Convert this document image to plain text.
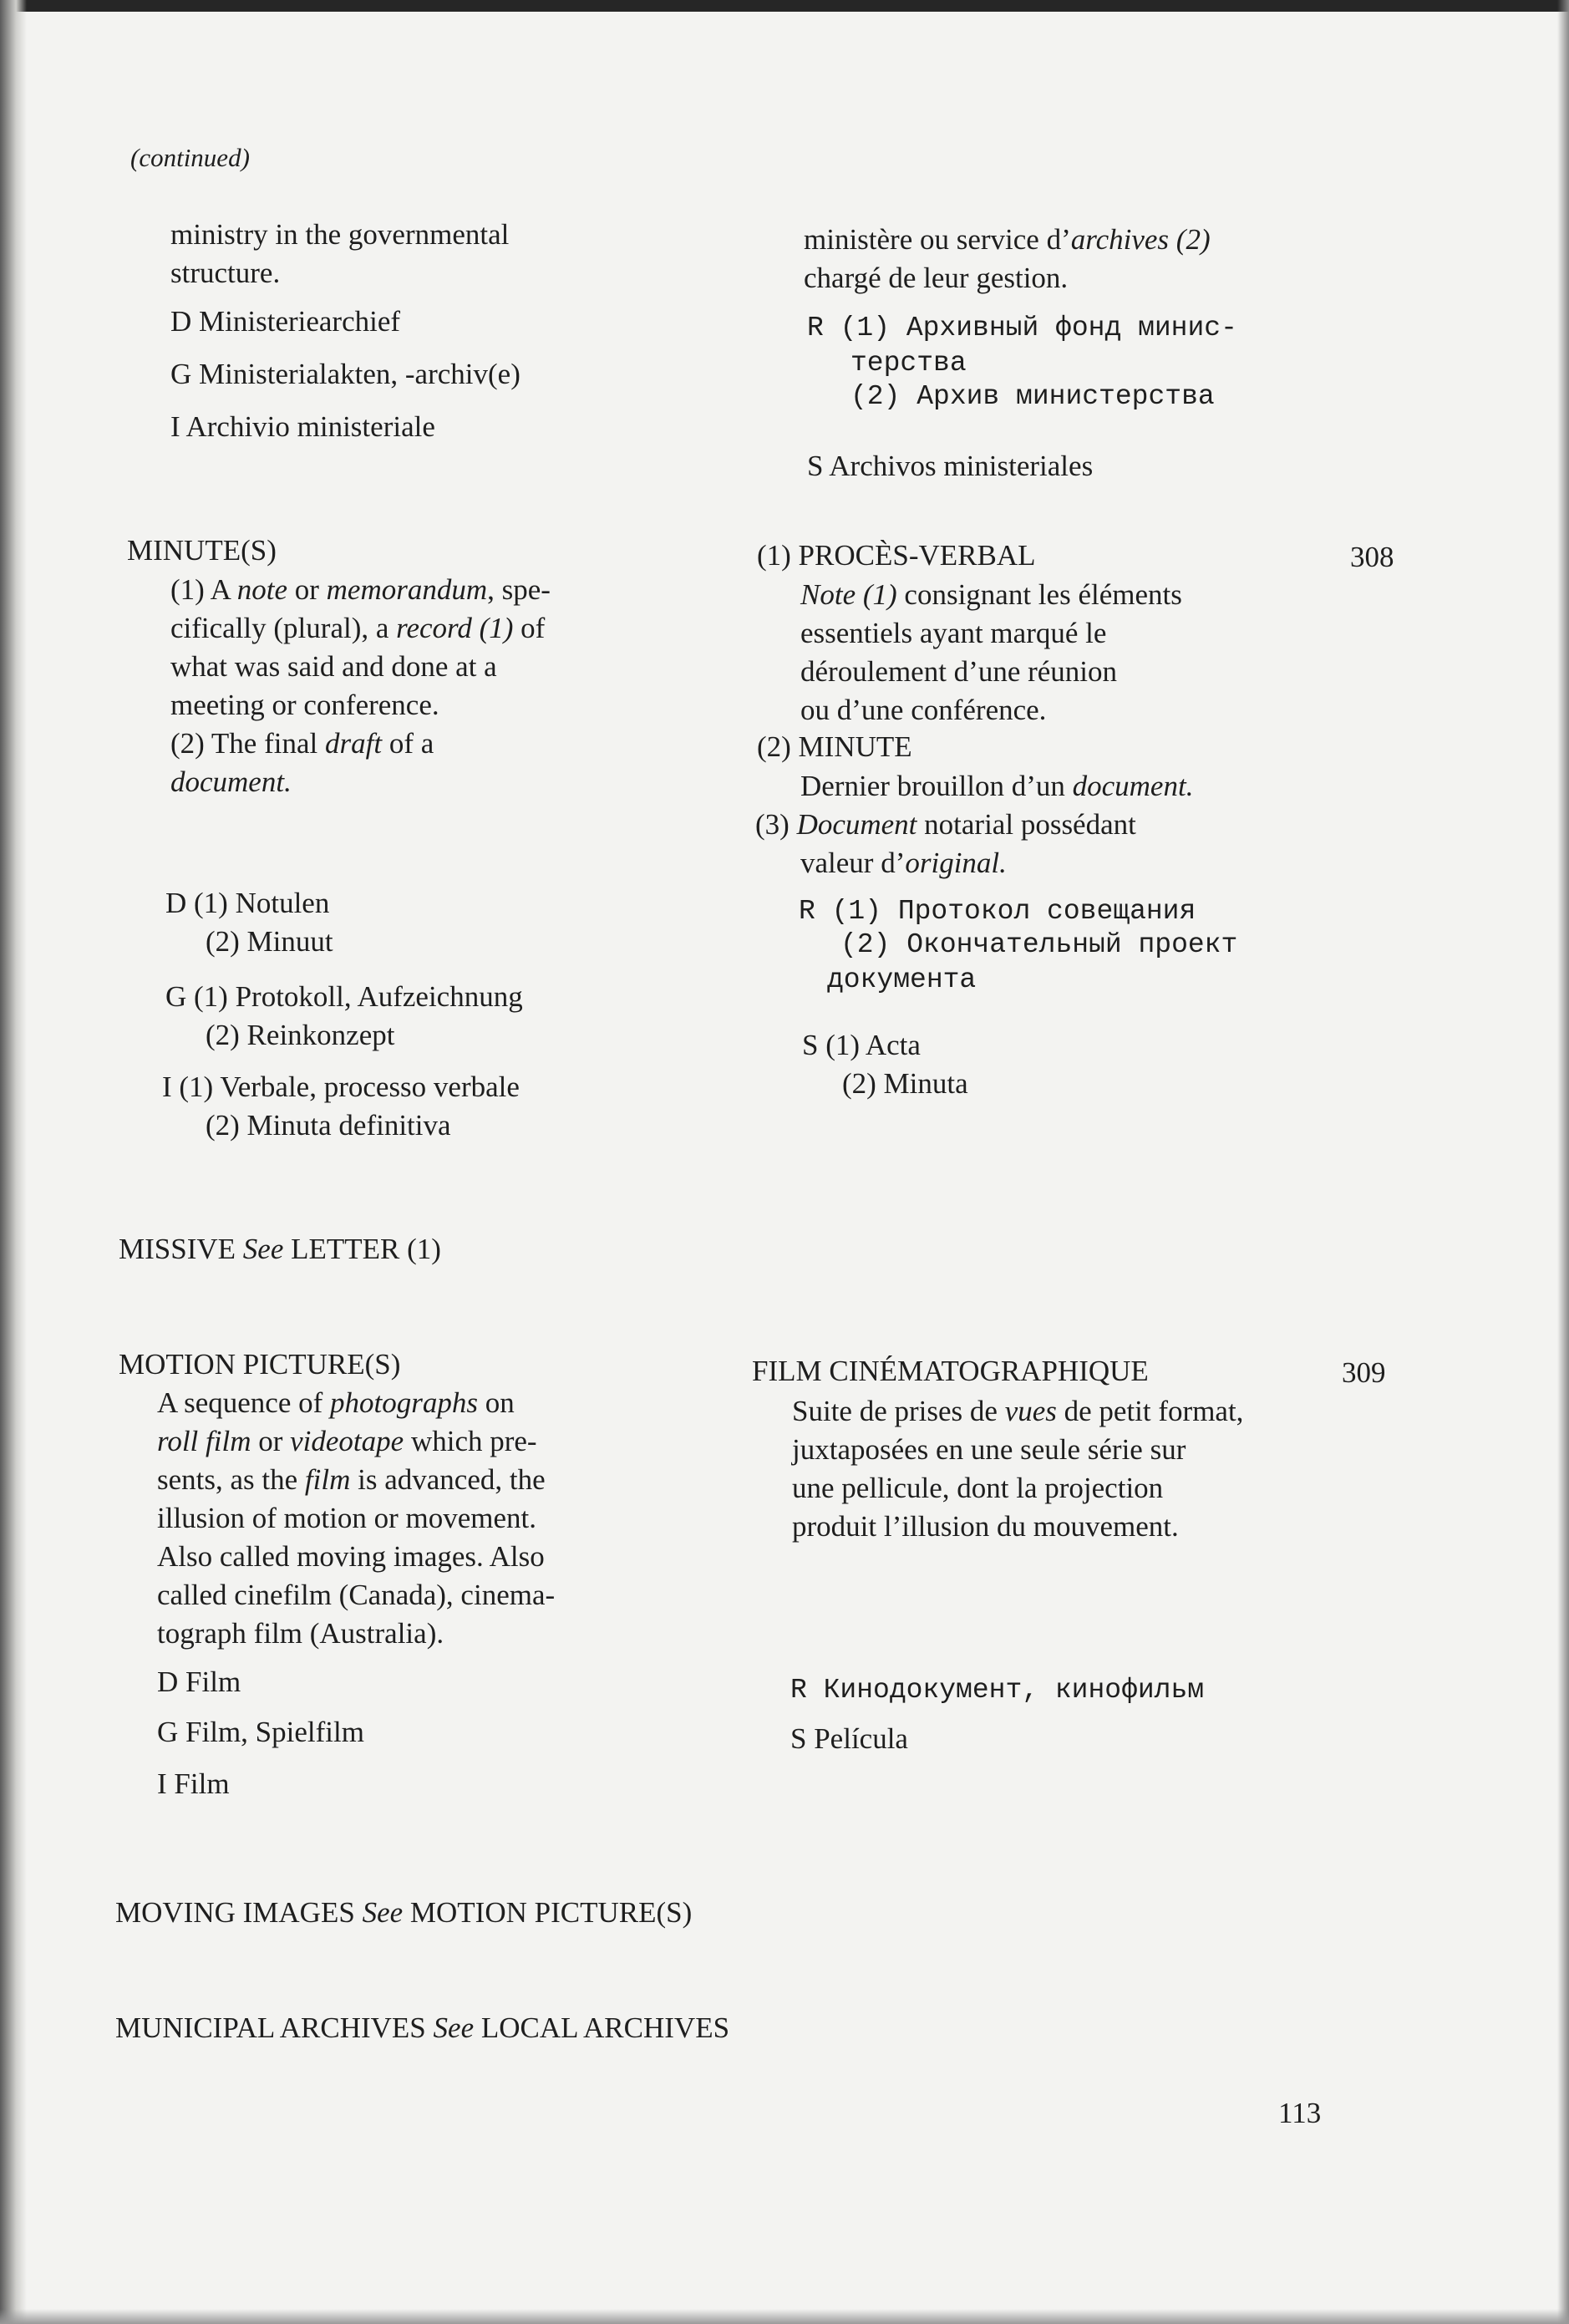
(continued)
ministry in the governmental
structure.
D Ministeriearchief
G Ministerialakten, -archiv(e)
I Archivio ministeriale
MINUTE(S)
(1) A note or memorandum, spe-
cifically (plural), a record (1) of
what was said and done at a
meeting or conference.
(2) The final draft of a
document.
D (1) Notulen
(2) Minuut
G (1) Protokoll, Aufzeichnung
(2) Reinkonzept
I (1) Verbale, processo verbale
(2) Minuta definitiva
MISSIVE See LETTER (1)
MOTION PICTURE(S)
A sequence of photographs on
roll film or videotape which pre-
sents, as the film is advanced, the
illusion of motion or movement.
Also called moving images. Also
called cinefilm (Canada), cinema-
tograph film (Australia).
D Film
G Film, Spielfilm
I Film
MOVING IMAGES See MOTION PICTURE(S)
MUNICIPAL ARCHIVES See LOCAL ARCHIVES
ministère ou service d’archives (2)
chargé de leur gestion.
R (1) Архивный фонд минис-
терства
(2) Архив министерства
S Archivos ministeriales
(1) PROCÈS-VERBAL	308
Note (1) consignant les éléments
essentiels ayant marqué le
déroulement d’une réunion
ou d’une conférence.
(2) MINUTE
Dernier brouillon d’un document.
(3) Document notarial possédant
valeur d’original.
R (1) Протокол совещания
(2) Окончательный проект
документа
S (1) Acta
(2) Minuta
FILM CINÉMATOGRAPHIQUE	309
Suite de prises de vues de petit format,
juxtaposées en une seule série sur
une pellicule, dont la projection
produit l’illusion du mouvement.
R Кинодокумент, кинофильм
S Película
113
